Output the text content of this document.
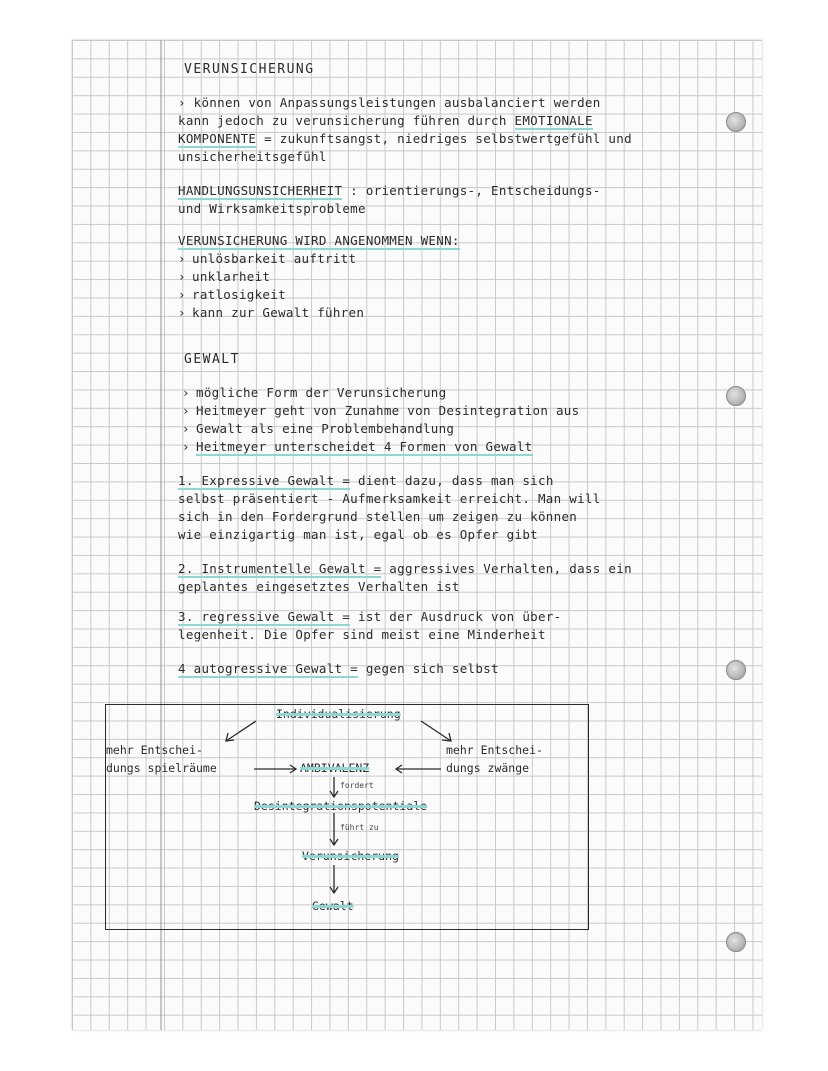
VERUNSICHERUNG
› können von Anpassungsleistungen ausbalanciert werden
kann jedoch zu verunsicherung führen durch EMOTIONALE
KOMPONENTE = zukunftsangst, niedriges selbstwertgefühl und
unsicherheitsgefühl
HANDLUNGSUNSICHERHEIT : orientierungs-, Entscheidungs-
und Wirksamkeitsprobleme
VERUNSICHERUNG WIRD ANGENOMMEN WENN:
› unlösbarkeit auftritt
› unklarheit
› ratlosigkeit
› kann zur Gewalt führen
GEWALT
› mögliche Form der Verunsicherung
› Heitmeyer geht von Zunahme von Desintegration aus
› Gewalt als eine Problembehandlung
› Heitmeyer unterscheidet 4 Formen von Gewalt
1. Expressive Gewalt = dient dazu, dass man sich
selbst präsentiert - Aufmerksamkeit erreicht. Man will
sich in den Fordergrund stellen um zeigen zu können
wie einzigartig man ist, egal ob es Opfer gibt
2. Instrumentelle Gewalt = aggressives Verhalten, dass ein
geplantes eingesetztes Verhalten ist
3. regressive Gewalt = ist der Ausdruck von über-
legenheit. Die Opfer sind meist eine Minderheit
4 autogressive Gewalt = gegen sich selbst
Individualisierung
mehr Entschei-
dungs spielräume	AMBIVALENZ
mehr Entschei-
dungs zwänge
fordert
Desintegrationspotentiale
führt zu
Verunsicherung
Gewalt
